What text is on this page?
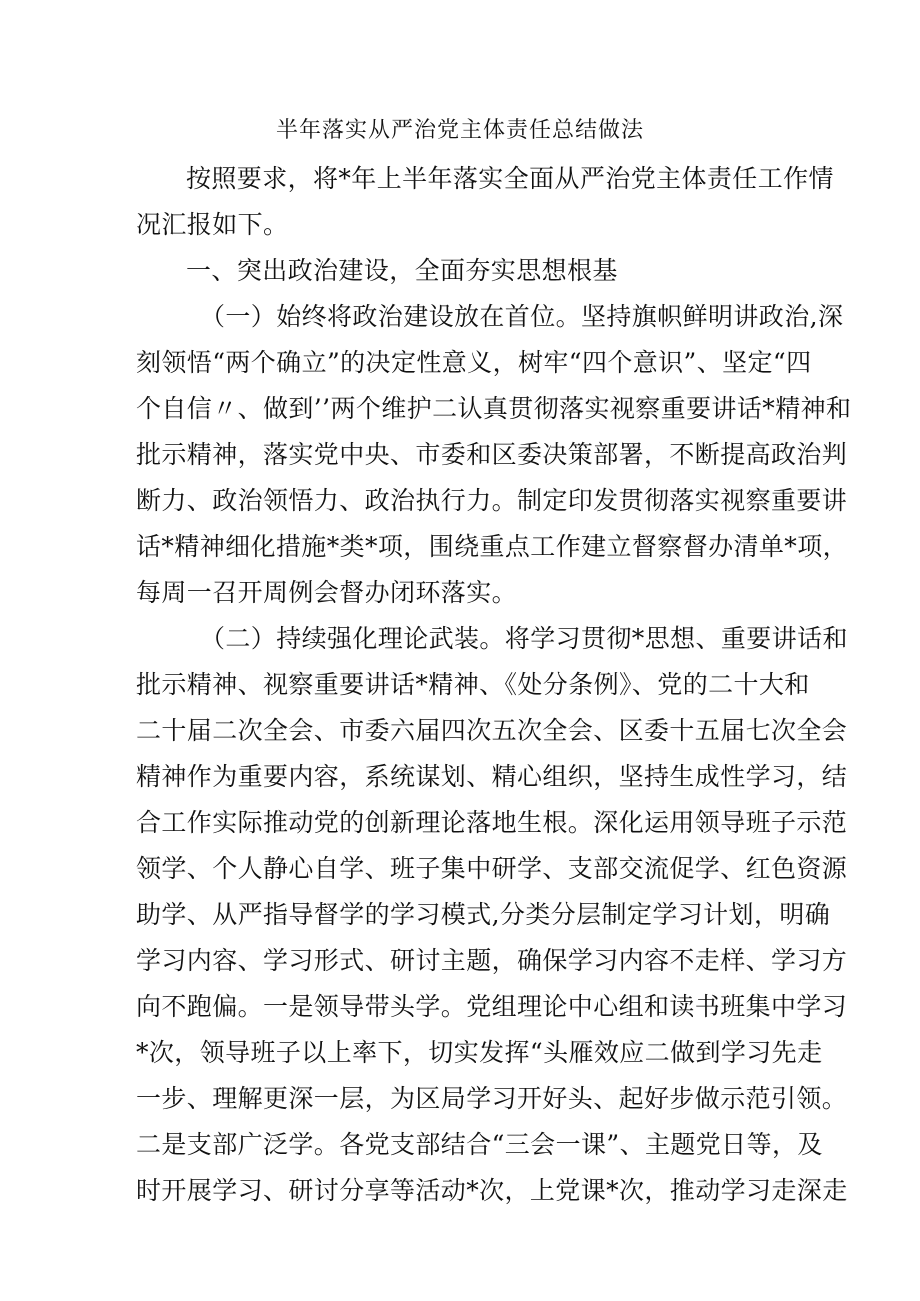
半年落实从严治党主体责任总结做法
按照要求，将*年上半年落实全面从严治党主体责任工作情
况汇报如下。
一、突出政治建设，全面夯实思想根基
（一）始终将政治建设放在首位。坚持旗帜鲜明讲政治,深
刻领悟“两个确立”的决定性意义，树牢“四个意识”、坚定“四
个自信〃、做到’’两个维护二认真贯彻落实视察重要讲话*精神和
批示精神，落实党中央、市委和区委决策部署，不断提高政治判
断力、政治领悟力、政治执行力。制定印发贯彻落实视察重要讲
话*精神细化措施*类*项，围绕重点工作建立督察督办清单*项，
每周一召开周例会督办闭环落实。
（二）持续强化理论武装。将学习贯彻*思想、重要讲话和
批示精神、视察重要讲话*精神、《处分条例》、党的二十大和
二十届二次全会、市委六届四次五次全会、区委十五届七次全会
精神作为重要内容，系统谋划、精心组织，坚持生成性学习，结
合工作实际推动党的创新理论落地生根。深化运用领导班子示范
领学、个人静心自学、班子集中研学、支部交流促学、红色资源
助学、从严指导督学的学习模式,分类分层制定学习计划，明确
学习内容、学习形式、研讨主题，确保学习内容不走样、学习方
向不跑偏。一是领导带头学。党组理论中心组和读书班集中学习
*次，领导班子以上率下，切实发挥“头雁效应二做到学习先走
一步、理解更深一层，为区局学习开好头、起好步做示范引领。
二是支部广泛学。各党支部结合“三会一课”、主题党日等，及
时开展学习、研讨分享等活动*次，上党课*次，推动学习走深走
